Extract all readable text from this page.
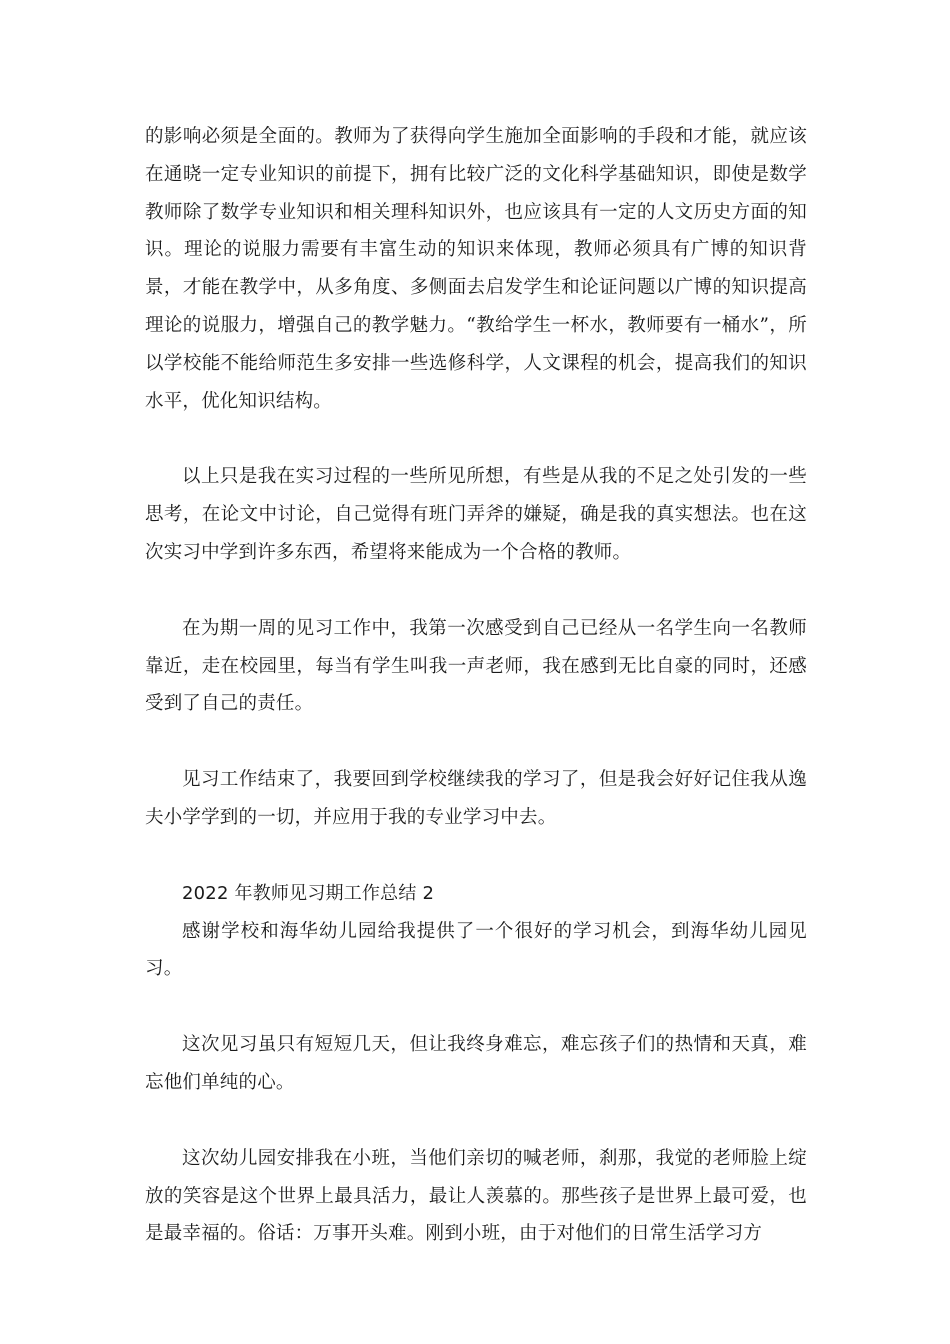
的影响必须是全面的。教师为了获得向学生施加全面影响的手段和才能，就应该在通晓一定专业知识的前提下，拥有比较广泛的文化科学基础知识，即使是数学教师除了数学专业知识和相关理科知识外，也应该具有一定的人文历史方面的知识。理论的说服力需要有丰富生动的知识来体现，教师必须具有广博的知识背景，才能在教学中，从多角度、多侧面去启发学生和论证问题以广博的知识提高理论的说服力，增强自己的教学魅力。“教给学生一杯水，教师要有一桶水”，所以学校能不能给师范生多安排一些选修科学，人文课程的机会，提高我们的知识水平，优化知识结构。

以上只是我在实习过程的一些所见所想，有些是从我的不足之处引发的一些思考，在论文中讨论，自己觉得有班门弄斧的嫌疑，确是我的真实想法。也在这次实习中学到许多东西，希望将来能成为一个合格的教师。

在为期一周的见习工作中，我第一次感受到自己已经从一名学生向一名教师靠近，走在校园里，每当有学生叫我一声老师，我在感到无比自豪的同时，还感受到了自己的责任。

见习工作结束了，我要回到学校继续我的学习了，但是我会好好记住我从逸夫小学学到的一切，并应用于我的专业学习中去。

2022 年教师见习期工作总结 2

感谢学校和海华幼儿园给我提供了一个很好的学习机会，到海华幼儿园见习。

这次见习虽只有短短几天，但让我终身难忘，难忘孩子们的热情和天真，难忘他们单纯的心。

这次幼儿园安排我在小班，当他们亲切的喊老师，刹那，我觉的老师脸上绽放的笑容是这个世界上最具活力，最让人羡慕的。那些孩子是世界上最可爱，也是最幸福的。俗话：万事开头难。刚到小班，由于对他们的日常生活学习方
